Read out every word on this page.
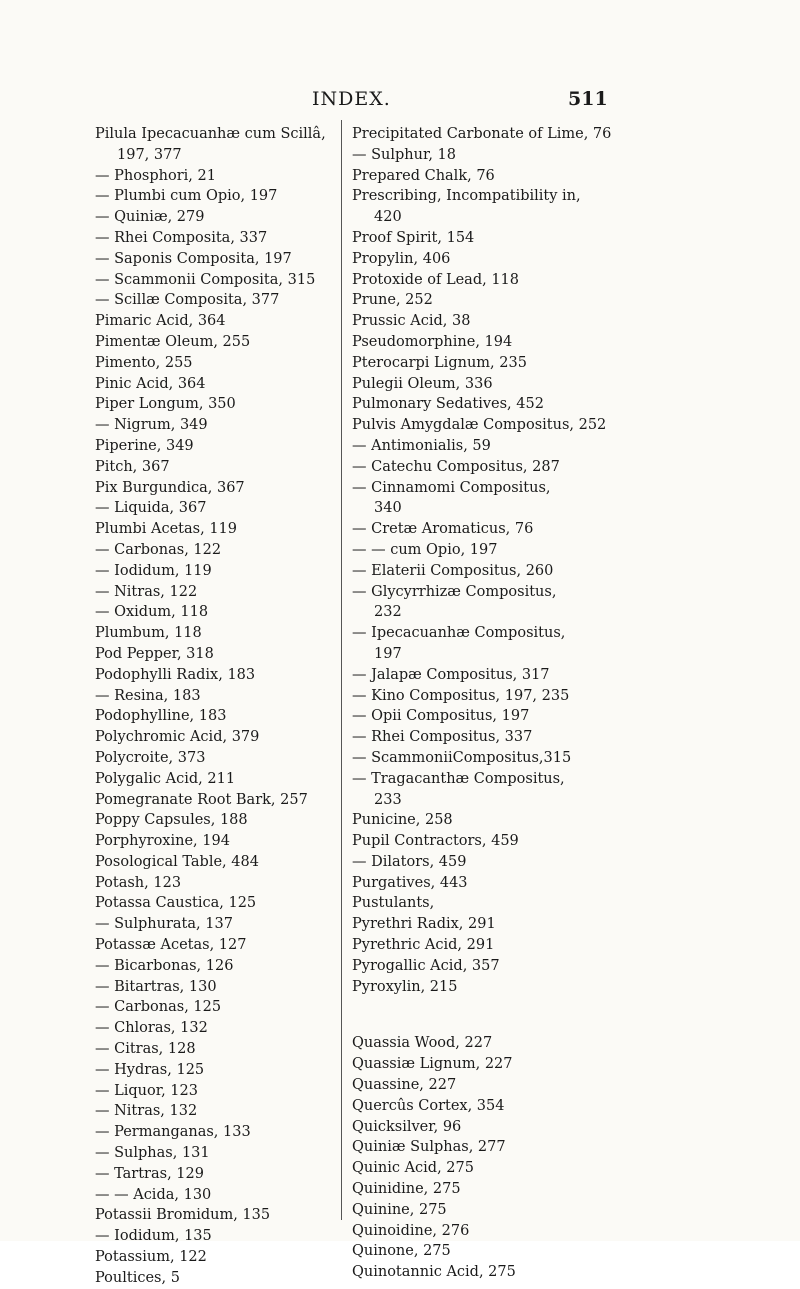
INDEX.	511
Pilula Ipecacuanhæ cum Scillâ,
197, 377
— Phosphori, 21
— Plumbi cum Opio, 197
— Quiniæ, 279
— Rhei Composita, 337
— Saponis Composita, 197
— Scammonii Composita, 315
— Scillæ Composita, 377
Pimaric Acid, 364
Pimentæ Oleum, 255
Pimento, 255
Pinic Acid, 364
Piper Longum, 350
— Nigrum, 349
Piperine, 349
Pitch, 367
Pix Burgundica, 367
— Liquida, 367
Plumbi Acetas, 119
— Carbonas, 122
— Iodidum, 119
— Nitras, 122
— Oxidum, 118
Plumbum, 118
Pod Pepper, 318
Podophylli Radix, 183
— Resina, 183
Podophylline, 183
Polychromic Acid, 379
Polycroite, 373
Polygalic Acid, 211
Pomegranate Root Bark, 257
Poppy Capsules, 188
Porphyroxine, 194
Posological Table, 484
Potash, 123
Potassa Caustica, 125
— Sulphurata, 137
Potassæ Acetas, 127
— Bicarbonas, 126
— Bitartras, 130
— Carbonas, 125
— Chloras, 132
— Citras, 128
— Hydras, 125
— Liquor, 123
— Nitras, 132
— Permanganas, 133
— Sulphas, 131
— Tartras, 129
— — Acida, 130
Potassii Bromidum, 135
— Iodidum, 135
Potassium, 122
Poultices, 5
Precipitated Carbonate of Lime, 76
— Sulphur, 18
Prepared Chalk, 76
Prescribing, Incompatibility in,
420
Proof Spirit, 154
Propylin, 406
Protoxide of Lead, 118
Prune, 252
Prussic Acid, 38
Pseudomorphine, 194
Pterocarpi Lignum, 235
Pulegii Oleum, 336
Pulmonary Sedatives, 452
Pulvis Amygdalæ Compositus, 252
— Antimonialis, 59
— Catechu Compositus, 287
— Cinnamomi Compositus,
340
— Cretæ Aromaticus, 76
— — cum Opio, 197
— Elaterii Compositus, 260
— Glycyrrhizæ Compositus,
232
— Ipecacuanhæ Compositus,
197
— Jalapæ Compositus, 317
— Kino Compositus, 197, 235
— Opii Compositus, 197
— Rhei Compositus, 337
— ScammoniiCompositus,315
— Tragacanthæ Compositus,
233
Punicine, 258
Pupil Contractors, 459
— Dilators, 459
Purgatives, 443
Pustulants,
Pyrethri Radix, 291
Pyrethric Acid, 291
Pyrogallic Acid, 357
Pyroxylin, 215
Quassia Wood, 227
Quassiæ Lignum, 227
Quassine, 227
Quercûs Cortex, 354
Quicksilver, 96
Quiniæ Sulphas, 277
Quinic Acid, 275
Quinidine, 275
Quinine, 275
Quinoidine, 276
Quinone, 275
Quinotannic Acid, 275
